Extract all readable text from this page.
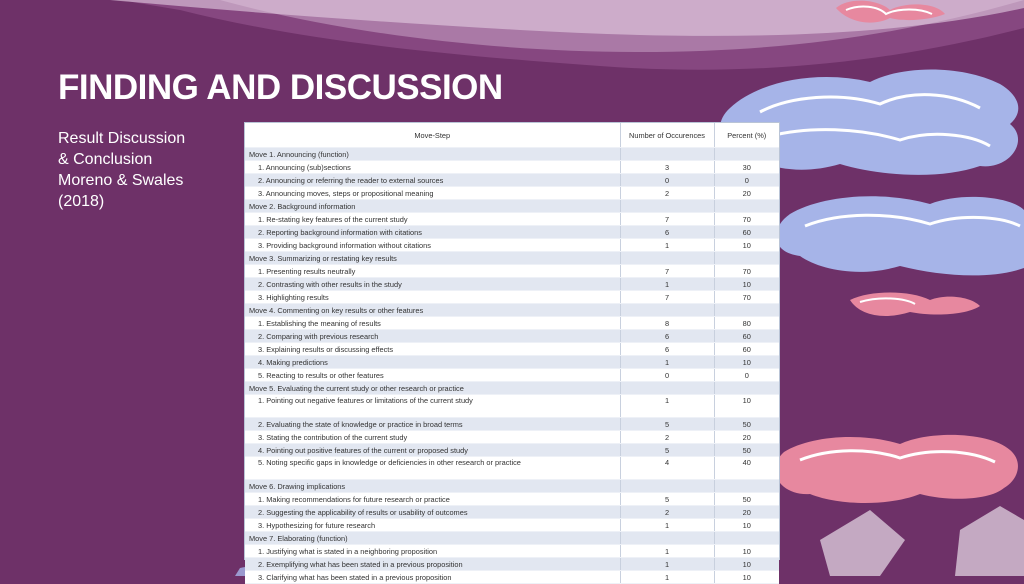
FINDING AND DISCUSSION
Result Discussion
& Conclusion
Moreno & Swales
(2018)
Move-Step	Number of Occurences	Percent (%)
Move 1. Announcing (function)		
1. Announcing (sub)sections	3	30
2. Announcing or referring the reader to external sources	0	0
3. Announcing moves, steps or propositional meaning	2	20
Move 2. Background information		
1. Re-stating key features of the current study	7	70
2. Reporting background information with citations	6	60
3. Providing background information without citations	1	10
Move 3. Summarizing or restating key results		
1. Presenting results neutrally	7	70
2. Contrasting with other results in the study	1	10
3. Highlighting results	7	70
Move 4. Commenting on key results or other features		
1. Establishing the meaning of results	8	80
2. Comparing with previous research	6	60
3. Explaining results or discussing effects	6	60
4. Making predictions	1	10
5. Reacting to results or other features	0	0
Move 5. Evaluating the current study or other research or practice		
1. Pointing out negative features or limitations of the current study	1	10
2. Evaluating the state of knowledge or practice in broad terms	5	50
3. Stating the contribution of the current study	2	20
4. Pointing out positive features of the current or proposed study	5	50
5. Noting specific gaps in knowledge or deficiencies in other research or practice	4	40
Move 6. Drawing implications		
1. Making recommendations for future research or practice	5	50
2. Suggesting the applicability of results or usability of outcomes	2	20
3. Hypothesizing for future research	1	10
Move 7. Elaborating (function)		
1. Justifying what is stated in a neighboring proposition	1	10
2. Exemplifying what has been stated in a previous proposition	1	10
3. Clarifying what has been stated in a previous proposition	1	10
